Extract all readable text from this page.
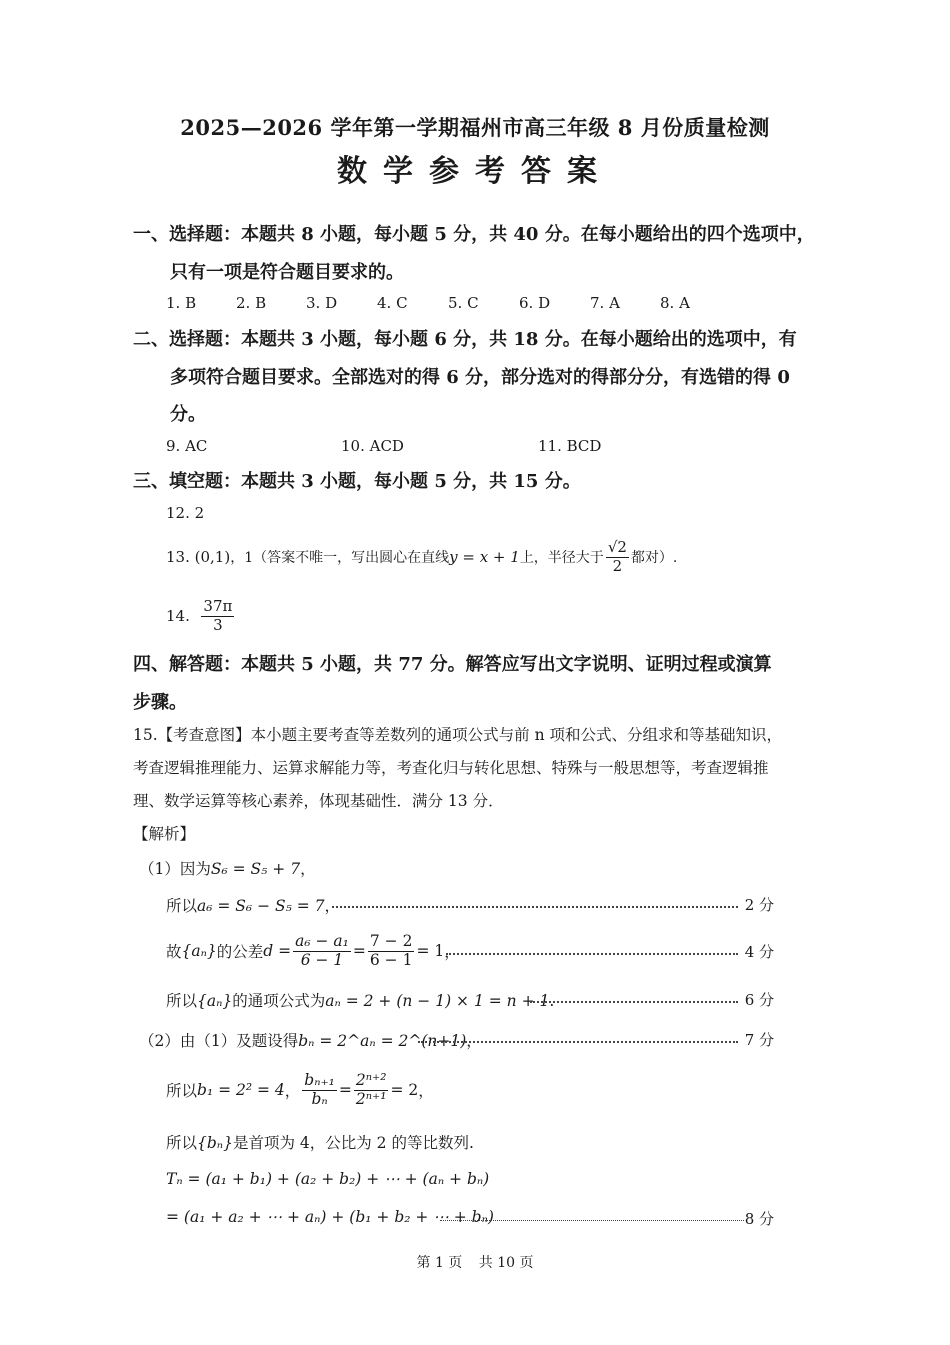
2025—2026 学年第一学期福州市高三年级 8 月份质量检测
数学参考答案
一、选择题：本题共 8 小题，每小题 5 分，共 40 分。在每小题给出的四个选项中，
只有一项是符合题目要求的。
1. B	2. B	3. D	4. C	5. C	6. D	7. A	8. A
二、选择题：本题共 3 小题，每小题 6 分，共 18 分。在每小题给出的选项中，有
多项符合题目要求。全部选对的得 6 分，部分选对的得部分分，有选错的得 0
分。
9. AC	10. ACD	11. BCD
三、填空题：本题共 3 小题，每小题 5 分，共 15 分。
12. 2
13.
(0,1) ，1（答案不唯一，写出圆心在直线 y = x + 1 上，半径大于 $\frac{√2}{2}$ 都对）.
14.
$\frac{37\pi}{3}$
四、解答题：本题共 5 小题，共 77 分。解答应写出文字说明、证明过程或演算
步骤。
15.【考查意图】本小题主要考查等差数列的通项公式与前 n 项和公式、分组求和等基础知识，
考查逻辑推理能力、运算求解能力等，考查化归与转化思想、特殊与一般思想等，考查逻辑推
理、数学运算等核心素养，体现基础性．满分 13 分．
【解析】
（1）因为S₆ = S₅ + 7，
所以a₆ = S₆ − S₅ = 7，	2 分
故 {aₙ} 的公差 $d = \frac{\text{a₆ − a₁}}{6 - 1} = \frac{7 - 2}{6 - 1} = 1$ ，	4 分
所以{aₙ}的通项公式为aₙ = 2 + (n − 1) × 1 = n + 1.	6 分
（2）由（1）及题设得bₙ = 2^aₙ = 2^(n+1)，	7 分
所以 b₁ = 2² = 4 ， $\frac{\text{bₙ₊₁}}{\text{bₙ}} = \frac{\text{2ⁿ⁺²}}{\text{2ⁿ⁺¹}} = 2$ ，
所以{bₙ}是首项为 4，公比为 2 的等比数列.
Tₙ = (a₁ + b₁) + (a₂ + b₂) + ⋯ + (aₙ + bₙ)
= (a₁ + a₂ + ⋯ + aₙ) + (b₁ + b₂ + ⋯ + bₙ)	8 分
第 1 页 共 10 页
